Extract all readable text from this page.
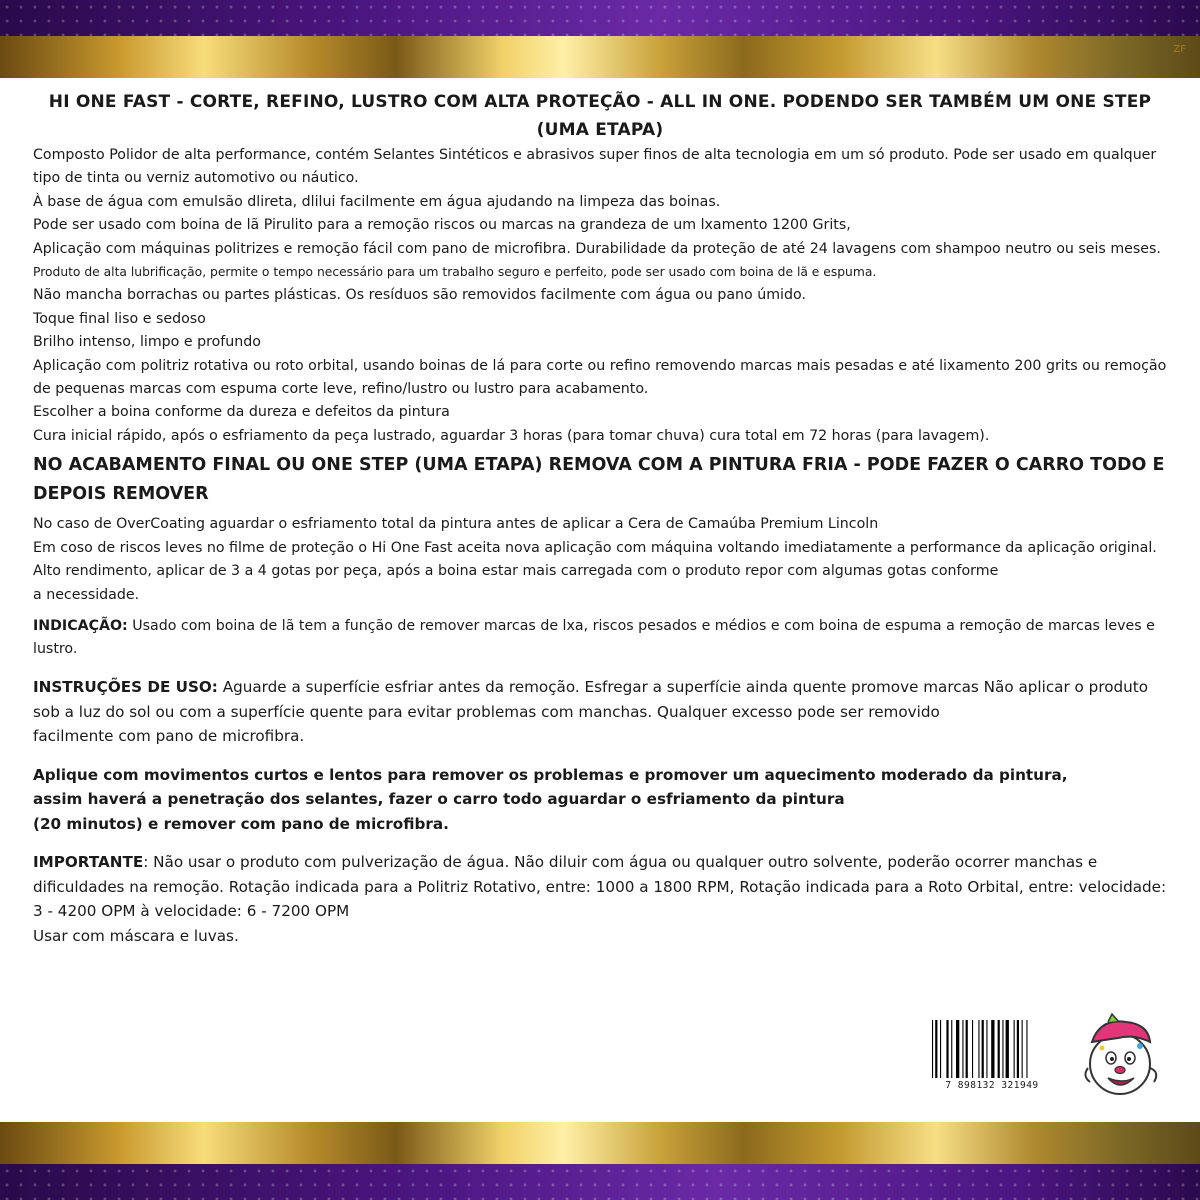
ZF
HI ONE FAST - CORTE, REFINO, LUSTRO COM ALTA PROTEÇÃO - ALL IN ONE. PODENDO SER TAMBÉM UM ONE STEP (UMA ETAPA)

Composto Polidor de alta performance, contém Selantes Sintéticos e abrasivos super finos de alta tecnologia em um só produto. Pode ser usado em qualquer tipo de tinta ou verniz automotivo ou náutico.

À base de água com emulsão dlireta, dlilui facilmente em água ajudando na limpeza das boinas.

Pode ser usado com boina de lã Pirulito para a remoção riscos ou marcas na grandeza de um lxamento 1200 Grits,

Aplicação com máquinas politrizes e remoção fácil com pano de microfibra. Durabilidade da proteção de até 24 lavagens com shampoo neutro ou seis meses.

Produto de alta lubrificação, permite o tempo necessário para um trabalho seguro e perfeito, pode ser usado com boina de lã e espuma.

Não mancha borrachas ou partes plásticas. Os resíduos são removidos facilmente com água ou pano úmido.

Toque final liso e sedoso

Brilho intenso, limpo e profundo

Aplicação com politriz rotativa ou roto orbital, usando boinas de lá para corte ou refino removendo marcas mais pesadas e até lixamento 200 grits ou remoção de pequenas marcas com espuma corte leve, refino/lustro ou lustro para acabamento.

Escolher a boina conforme da dureza e defeitos da pintura

Cura inicial rápido, após o esfriamento da peça lustrado, aguardar 3 horas (para tomar chuva) cura total em 72 horas (para lavagem).

NO ACABAMENTO FINAL OU ONE STEP (UMA ETAPA) REMOVA COM A PINTURA FRIA - PODE FAZER O CARRO TODO E DEPOIS REMOVER

No caso de OverCoating aguardar o esfriamento total da pintura antes de aplicar a Cera de Camaúba Premium Lincoln

Em coso de riscos leves no filme de proteção o Hi One Fast aceita nova aplicação com máquina voltando imediatamente a performance da aplicação original.

Alto rendimento, aplicar de 3 a 4 gotas por peça, após a boina estar mais carregada com o produto repor com algumas gotas conforme

a necessidade.

INDICAÇÃO: Usado com boina de lã tem a função de remover marcas de lxa, riscos pesados e médios e com boina de espuma a remoção de marcas leves e lustro.

INSTRUÇÕES DE USO: Aguarde a superfície esfriar antes da remoção. Esfregar a superfície ainda quente promove marcas Não aplicar o produto sob a luz do sol ou com a superfície quente para evitar problemas com manchas. Qualquer excesso pode ser removido

facilmente com pano de microfibra.

Aplique com movimentos curtos e lentos para remover os problemas e promover um aquecimento moderado da pintura,

assim haverá a penetração dos selantes, fazer o carro todo aguardar o esfriamento da pintura

(20 minutos) e remover com pano de microfibra.

IMPORTANTE: Não usar o produto com pulverização de água. Não diluir com água ou qualquer outro solvente, poderão ocorrer manchas e dificuldades na remoção. Rotação indicada para a Politriz Rotativo, entre: 1000 a 1800 RPM, Rotação indicada para a Roto Orbital, entre: velocidade: 3 - 4200 OPM à velocidade: 6 - 7200 OPM

Usar com máscara e luvas.

7 898132 321949
